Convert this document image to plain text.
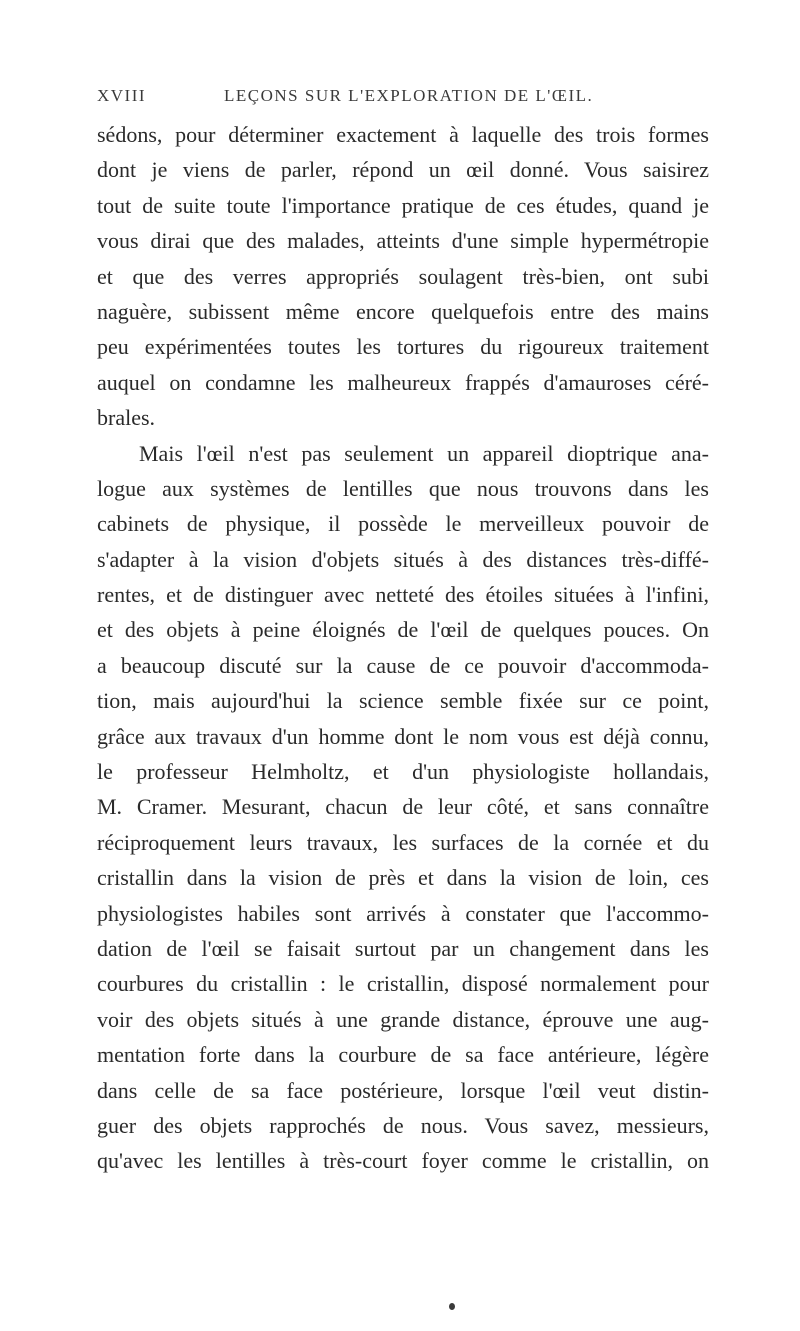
XVIII	LEÇONS SUR L'EXPLORATION DE L'ŒIL.
sédons, pour déterminer exactement à laquelle des trois formes
dont je viens de parler, répond un œil donné. Vous saisirez
tout de suite toute l'importance pratique de ces études, quand je
vous dirai que des malades, atteints d'une simple hypermétropie
et que des verres appropriés soulagent très-bien, ont subi
naguère, subissent même encore quelquefois entre des mains
peu expérimentées toutes les tortures du rigoureux traitement
auquel on condamne les malheureux frappés d'amauroses céré-
brales.
Mais l'œil n'est pas seulement un appareil dioptrique ana-
logue aux systèmes de lentilles que nous trouvons dans les
cabinets de physique, il possède le merveilleux pouvoir de
s'adapter à la vision d'objets situés à des distances très-diffé-
rentes, et de distinguer avec netteté des étoiles situées à l'infini,
et des objets à peine éloignés de l'œil de quelques pouces. On
a beaucoup discuté sur la cause de ce pouvoir d'accommoda-
tion, mais aujourd'hui la science semble fixée sur ce point,
grâce aux travaux d'un homme dont le nom vous est déjà connu,
le professeur Helmholtz, et d'un physiologiste hollandais,
M. Cramer. Mesurant, chacun de leur côté, et sans connaître
réciproquement leurs travaux, les surfaces de la cornée et du
cristallin dans la vision de près et dans la vision de loin, ces
physiologistes habiles sont arrivés à constater que l'accommo-
dation de l'œil se faisait surtout par un changement dans les
courbures du cristallin : le cristallin, disposé normalement pour
voir des objets situés à une grande distance, éprouve une aug-
mentation forte dans la courbure de sa face antérieure, légère
dans celle de sa face postérieure, lorsque l'œil veut distin-
guer des objets rapprochés de nous. Vous savez, messieurs,
qu'avec les lentilles à très-court foyer comme le cristallin, on
